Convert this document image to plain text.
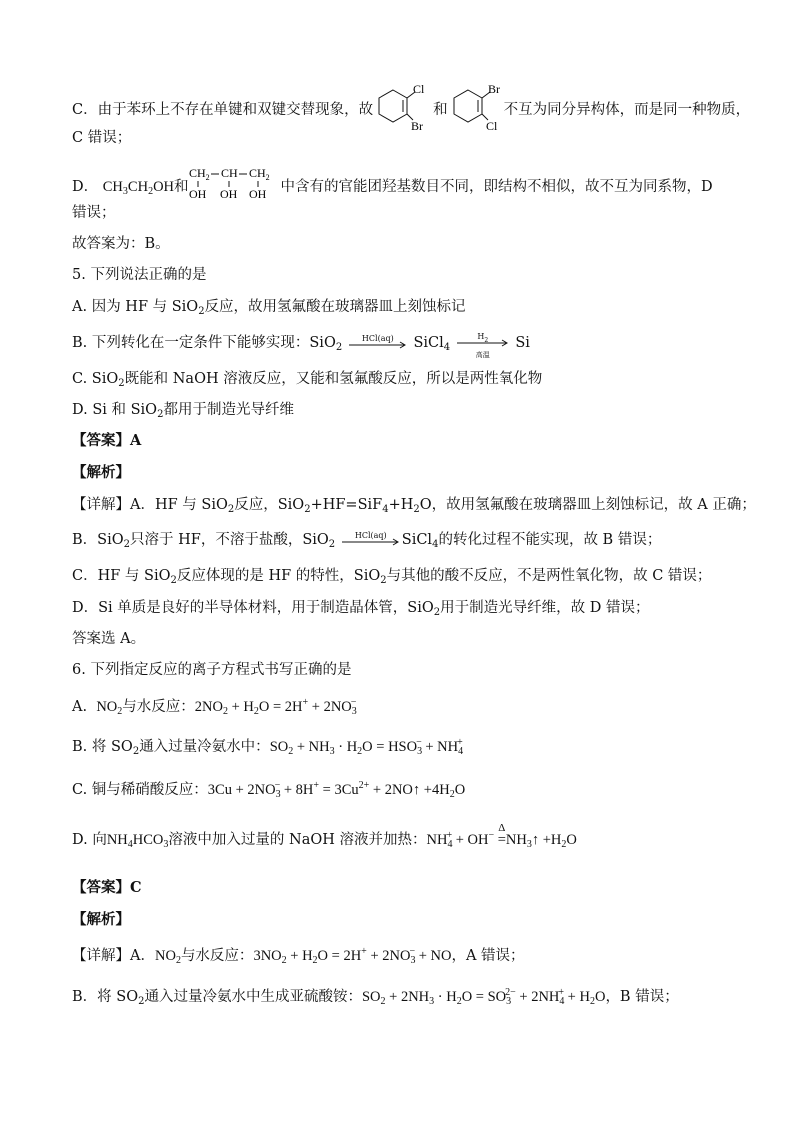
C．由于苯环上不存在单键和双键交替现象，故
Cl
Br
和
Br
Cl
不互为同分异构体，而是同一种物质，
C 错误；
D． $CH_3CH_2OH$和
$CH_2$ CH $CH_2$
OH OH OH 中含有的官能团羟基数目不同，即结构不相似，故不互为同系物，D
错误；
故答案为：B。
5. 下列说法正确的是
A. 因为 HF 与 SiO$_2$反应，故用氢氟酸在玻璃器皿上刻蚀标记
B. 下列转化在一定条件下能够实现：SiO$_2$
HCl(aq)	SiCl$_4$
$H_2$
高温
Si
C. SiO$_2$既能和 NaOH 溶液反应，又能和氢氟酸反应，所以是两性氧化物
D. Si 和 SiO$_2$都用于制造光导纤维
【答案】A
【解析】
【详解】A．HF 与 SiO$_2$反应，$SiO_2+HF=SiF_4+H_2O$，故用氢氟酸在玻璃器皿上刻蚀标记，故 A 正确；
B．SiO$_2$只溶于 HF，不溶于盐酸，SiO$_2$
HCl(aq)	SiCl$_4$的转化过程不能实现，故 B 错误；
C．HF 与 SiO$_2$反应体现的是 HF 的特性，SiO$_2$与其他的酸不反应，不是两性氧化物，故 C 错误；
D．Si 单质是良好的半导体材料，用于制造晶体管，SiO$_2$用于制造光导纤维，故 D 错误；
答案选 A。
6. 下列指定反应的离子方程式书写正确的是
A. $NO_2$与水反应：$2NO_2 + H_2O = 2H^+ + 2NO_3^-$
B. 将 $SO_2$通入过量冷氨水中：$SO_2 + NH_3 \cdot H_2O = HSO_3^- + NH_4^+$
C. 铜与稀硝酸反应：$3Cu + 2NO_3^- + 8H^+ = 3Cu^{2+}$ + 2NO↑ $+4H_2O$
D. 向$NH_4HCO_3$溶液中加入过量的 NaOH 溶液并加热：$NH_4^+ + OH^-$
Δ
$=NH_3↑ +H_2O$
【答案】C
【解析】
【详解】A．$NO_2$与水反应：$3NO_2 + H_2O = 2H^+ + 2NO_3^-$ + NO，A 错误；
B．将 $SO_2$通入过量冷氨水中生成亚硫酸铵：$SO_2 + 2NH_3 \cdot H_2O = SO_3^{2-} + 2NH_4^+ + H_2O$，B 错误；
